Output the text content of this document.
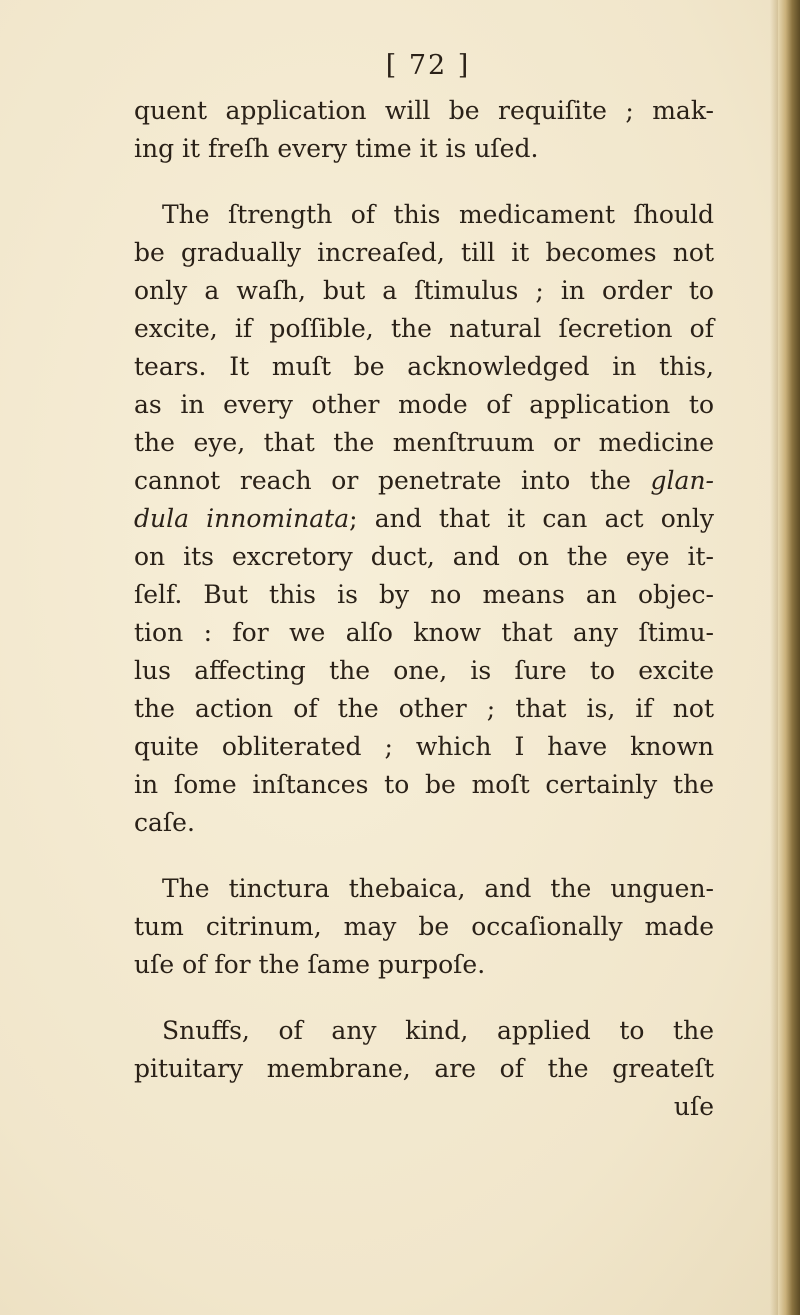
[ 72 ]
quent application will be requiſite ; mak-
ing it freſh every time it is uſed.
The ſtrength of this medicament ſhould
be gradually increaſed, till it becomes not
only a waſh, but a ſtimulus ; in order to
excite, if poſſible, the natural ſecretion of
tears. It muſt be acknowledged in this,
as in every other mode of application to
the eye, that the menſtruum or medicine
cannot reach or penetrate into the glan-
dula innominata; and that it can act only
on its excretory duct, and on the eye it-
ſelf. But this is by no means an objec-
tion : for we alſo know that any ſtimu-
lus affecting the one, is ſure to excite
the action of the other ; that is, if not
quite obliterated ; which I have known
in ſome inſtances to be moſt certainly the
caſe.
The tinctura thebaica, and the unguen-
tum citrinum, may be occaſionally made
uſe of for the ſame purpoſe.
Snuffs, of any kind, applied to the
pituitary membrane, are of the greateſt
uſe
